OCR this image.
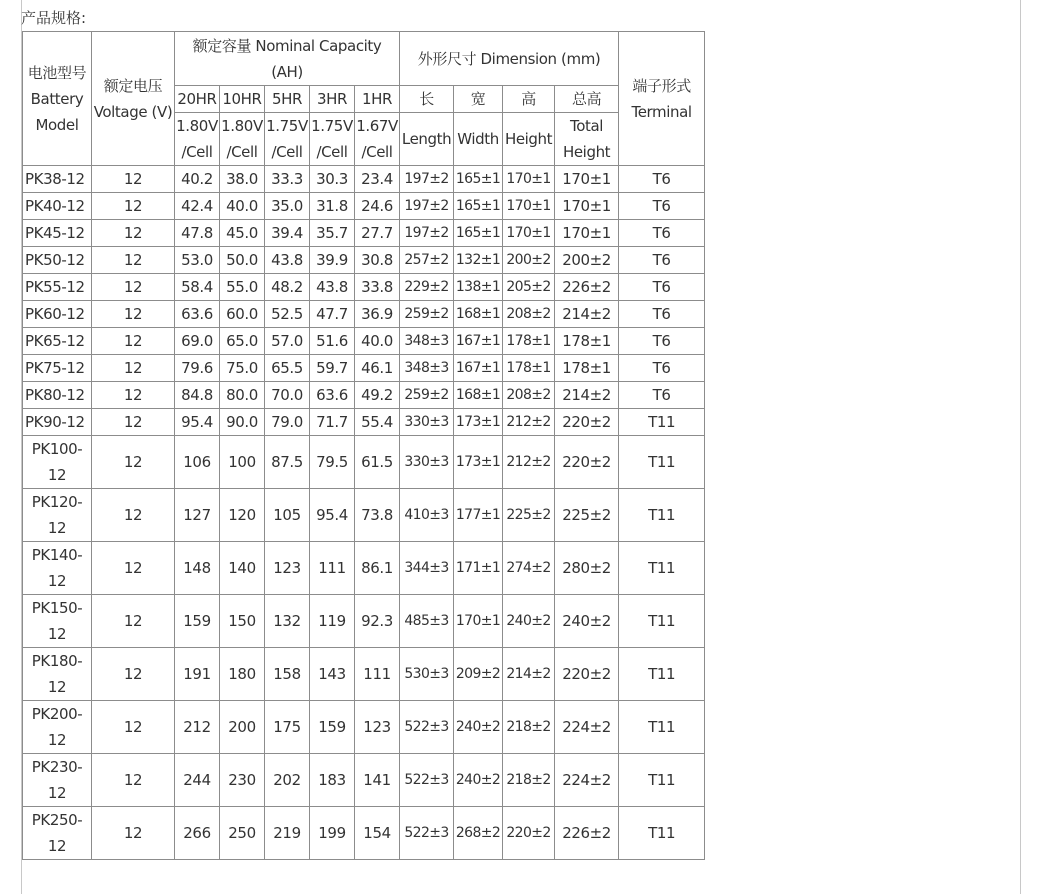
产品规格:
电池型号 Battery Model	额定电压 Voltage (V)	额定容量 Nominal Capacity (AH)					外形尺寸 Dimension (mm)				端子形式 Terminal
		20HR	10HR	5HR	3HR	1HR	长	宽	高	总高	
		1.80V /Cell	1.80V /Cell	1.75V /Cell	1.75V /Cell	1.67V /Cell	Length	Width	Height	Total Height	
PK38-12	12	40.2	38.0	33.3	30.3	23.4	197±2	165±1	170±1	170±1	T6
PK40-12	12	42.4	40.0	35.0	31.8	24.6	197±2	165±1	170±1	170±1	T6
PK45-12	12	47.8	45.0	39.4	35.7	27.7	197±2	165±1	170±1	170±1	T6
PK50-12	12	53.0	50.0	43.8	39.9	30.8	257±2	132±1	200±2	200±2	T6
PK55-12	12	58.4	55.0	48.2	43.8	33.8	229±2	138±1	205±2	226±2	T6
PK60-12	12	63.6	60.0	52.5	47.7	36.9	259±2	168±1	208±2	214±2	T6
PK65-12	12	69.0	65.0	57.0	51.6	40.0	348±3	167±1	178±1	178±1	T6
PK75-12	12	79.6	75.0	65.5	59.7	46.1	348±3	167±1	178±1	178±1	T6
PK80-12	12	84.8	80.0	70.0	63.6	49.2	259±2	168±1	208±2	214±2	T6
PK90-12	12	95.4	90.0	79.0	71.7	55.4	330±3	173±1	212±2	220±2	T11
PK100-12	12	106	100	87.5	79.5	61.5	330±3	173±1	212±2	220±2	T11
PK120-12	12	127	120	105	95.4	73.8	410±3	177±1	225±2	225±2	T11
PK140-12	12	148	140	123	111	86.1	344±3	171±1	274±2	280±2	T11
PK150-12	12	159	150	132	119	92.3	485±3	170±1	240±2	240±2	T11
PK180-12	12	191	180	158	143	111	530±3	209±2	214±2	220±2	T11
PK200-12	12	212	200	175	159	123	522±3	240±2	218±2	224±2	T11
PK230-12	12	244	230	202	183	141	522±3	240±2	218±2	224±2	T11
PK250-12	12	266	250	219	199	154	522±3	268±2	220±2	226±2	T11
